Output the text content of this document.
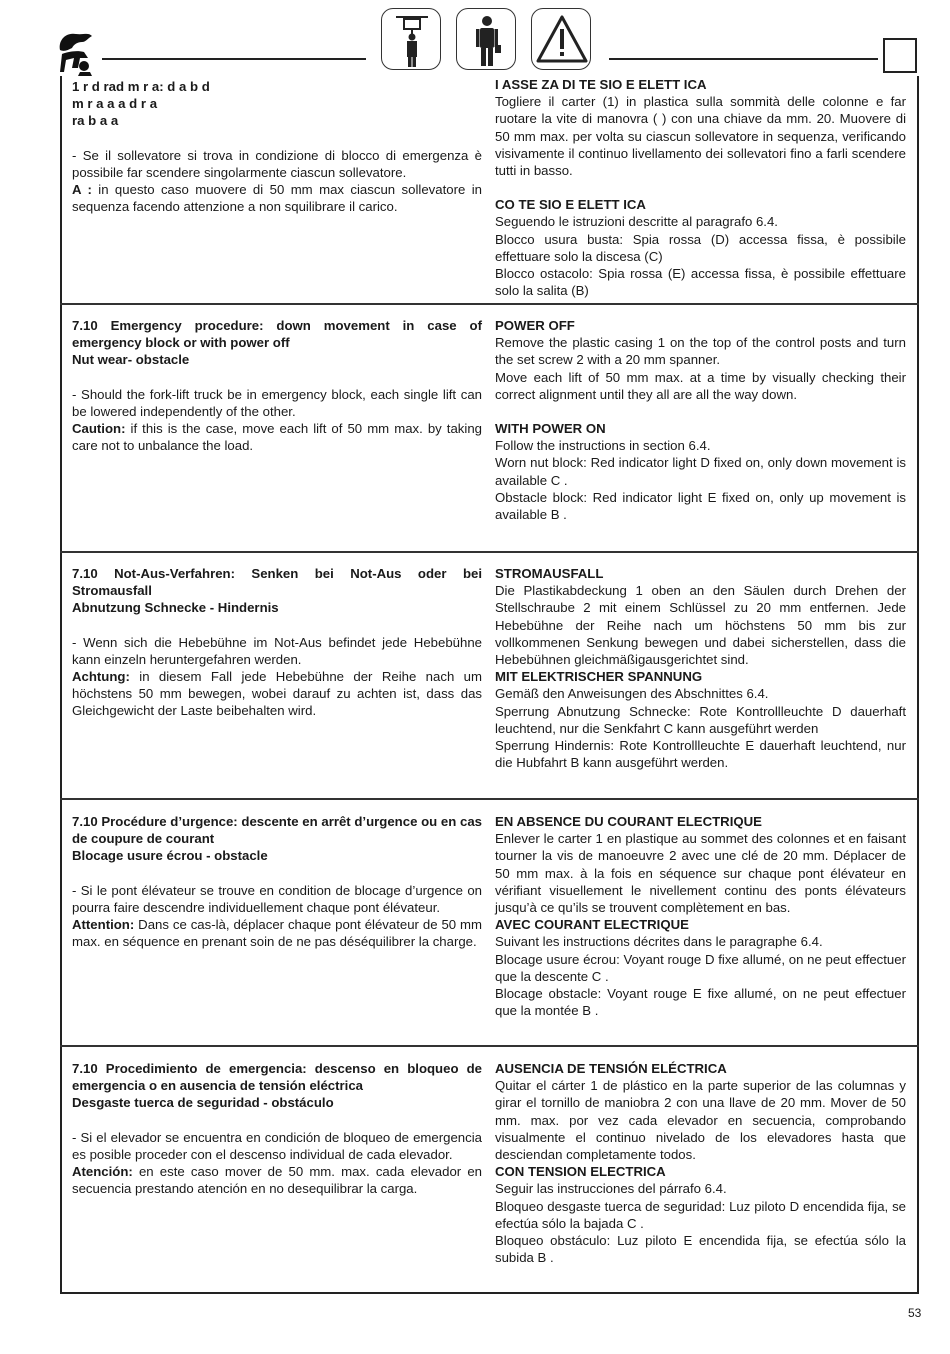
1 r d rad m r a: d a b d

m r a a a d r a

ra b a a

- Se il sollevatore si trova in condizione di blocco di emergenza è possibile far scendere singolarmente ciascun sollevatore.

A : in questo caso muovere di 50 mm max ciascun sollevatore in sequenza facendo attenzione a non squilibrare il carico.

I ASSE ZA DI TE SIO E ELETT ICA

Togliere il carter (1) in plastica sulla sommità delle colonne e far ruotare la vite di manovra ( ) con una chiave da mm. 20. Muovere di 50 mm max. per volta su ciascun sollevatore in sequenza, verificando visivamente il continuo livellamento dei sollevatori fino a farli scendere tutti in basso.

CO TE SIO E ELETT ICA

Seguendo le istruzioni descritte al paragrafo 6.4.

Blocco usura busta: Spia rossa (D) accessa fissa, è possibile effettuare solo la discesa (C)

Blocco ostacolo: Spia rossa (E) accessa fissa, è possibile effettuare solo la salita (B)

7.10 Emergency procedure: down movement in case of emergency block or with power off

Nut wear- obstacle

- Should the fork-lift truck be in emergency block, each single lift can be lowered independently of the other.

Caution: if this is the case, move each lift of 50 mm max. by taking care not to unbalance the load.

POWER OFF

Remove the plastic casing 1 on the top of the control posts and turn the set screw 2 with a 20 mm spanner.

Move each lift of 50 mm max. at a time by visually checking their correct alignment until they all are all the way down.

WITH POWER ON

Follow the instructions in section 6.4.

Worn nut block: Red indicator light D fixed on, only down movement is available C .

Obstacle block: Red indicator light E fixed on, only up movement is available B .

7.10 Not-Aus-Verfahren: Senken bei Not-Aus oder bei Stromausfall

Abnutzung Schnecke - Hindernis

- Wenn sich die Hebebühne im Not-Aus befindet jede Hebebühne kann einzeln heruntergefahren werden.

Achtung: in diesem Fall jede Hebebühne der Reihe nach um höchstens 50 mm bewegen, wobei darauf zu achten ist, dass das Gleichgewicht der Laste beibehalten wird.

STROMAUSFALL

Die Plastikabdeckung 1 oben an den Säulen durch Drehen der Stellschraube 2 mit einem Schlüssel zu 20 mm entfernen. Jede Hebebühne der Reihe nach um höchstens 50 mm bis zur vollkommenen Senkung bewegen und dabei sicherstellen, dass die Hebebühnen gleichmäßigausgerichtet sind.

MIT ELEKTRISCHER SPANNUNG

Gemäß den Anweisungen des Abschnittes 6.4.

Sperrung Abnutzung Schnecke: Rote Kontrollleuchte D dauerhaft leuchtend, nur die Senkfahrt C kann ausgeführt werden

Sperrung Hindernis: Rote Kontrollleuchte E dauerhaft leuchtend, nur die Hubfahrt B kann ausgeführt werden.

7.10 Procédure d’urgence: descente en arrêt d’urgence ou en cas de coupure de courant

Blocage usure écrou - obstacle

- Si le pont élévateur se trouve en condition de blocage d’urgence on pourra faire descendre individuellement chaque pont élévateur.

Attention: Dans ce cas-là, déplacer chaque pont élévateur de 50 mm max. en séquence en prenant soin de ne pas déséquilibrer la charge.

EN ABSENCE DU COURANT ELECTRIQUE

Enlever le carter 1 en plastique au sommet des colonnes et en faisant tourner la vis de manoeuvre 2 avec une clé de 20 mm. Déplacer de 50 mm max. à la fois en séquence sur chaque pont élévateur en vérifiant visuellement le nivellement continu des ponts élévateurs jusqu’à ce qu’ils se trouvent complètement en bas.

AVEC COURANT ELECTRIQUE

Suivant les instructions décrites dans le paragraphe 6.4.

Blocage usure écrou: Voyant rouge D fixe allumé, on ne peut effectuer que la descente C .

Blocage obstacle: Voyant rouge E fixe allumé, on ne peut effectuer que la montée B .

7.10 Procedimiento de emergencia: descenso en bloqueo de emergencia o en ausencia de tensión eléctrica

Desgaste tuerca de seguridad - obstáculo

- Si el elevador se encuentra en condición de bloqueo de emergencia es posible proceder con el descenso individual de cada elevador.

Atención: en este caso mover de 50 mm. max. cada elevador en secuencia prestando atención en no desequilibrar la carga.

AUSENCIA DE TENSIÓN ELÉCTRICA

Quitar el cárter 1 de plástico en la parte superior de las columnas y girar el tornillo de maniobra 2 con una llave de 20 mm. Mover de 50 mm. max. por vez cada elevador en secuencia, comprobando visualmente el continuo nivelado de los elevadores hasta que desciendan completamente todos.

CON TENSION ELECTRICA

Seguir las instrucciones del párrafo 6.4.

Bloqueo desgaste tuerca de seguridad: Luz piloto D encendida fija, se efectúa sólo la bajada C .

Bloqueo obstáculo: Luz piloto E encendida fija, se efectúa sólo la subida B .

53
